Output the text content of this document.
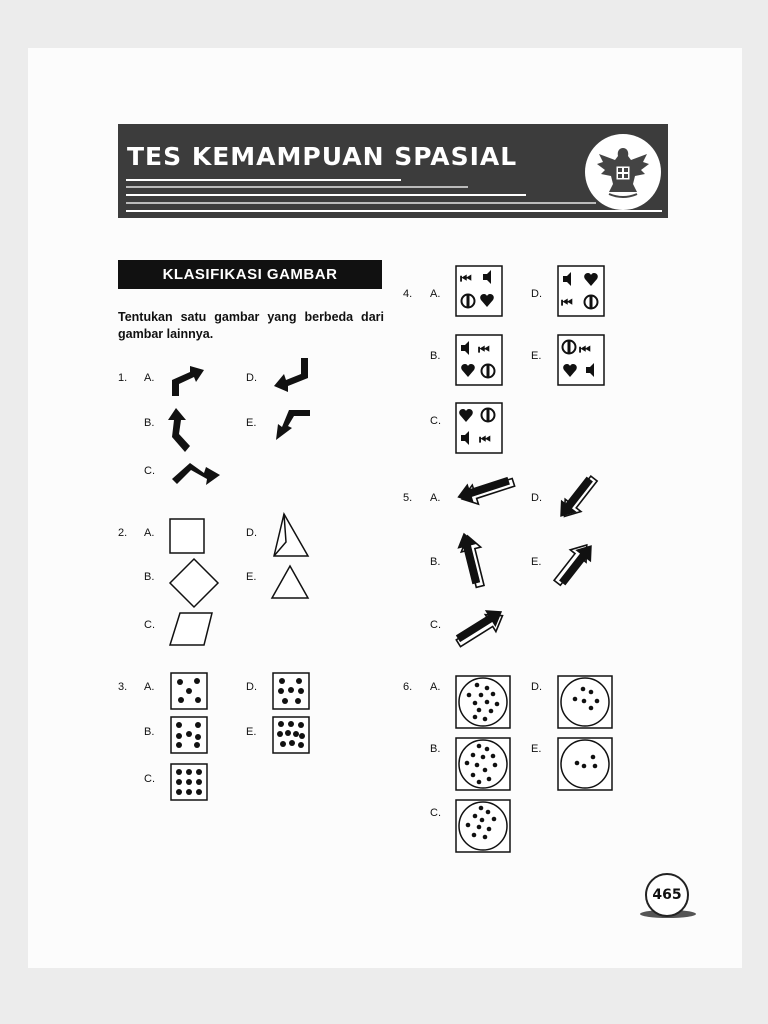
TES KEMAMPUAN SPASIAL
KLASIFIKASI GAMBAR
Tentukan satu gambar yang berbeda dari gambar lainnya.
1. A.
B.
C.
D.
E.
2. A.
B.
C.
D.
E.
3. A.
B.
C.
D.
E.
4. A.
B.
C.
D.
E.
⏮
⏮
⏮
⏮
⏮
5. A.
B.
C.
D.
E.
6. A.
B.
C.
D.
E.
465
